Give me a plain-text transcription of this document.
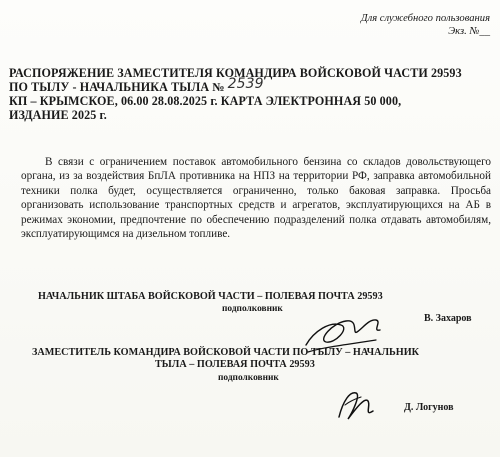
Для служебного пользования
Экз. №__
РАСПОРЯЖЕНИЕ ЗАМЕСТИТЕЛЯ КОМАНДИРА ВОЙСКОВОЙ ЧАСТИ 29593
ПО ТЫЛУ - НАЧАЛЬНИКА ТЫЛА № 2539
КП – КРЫМСКОЕ, 06.00 28.08.2025 г. КАРТА ЭЛЕКТРОННАЯ 50 000,
ИЗДАНИЕ 2025 г.
В связи с ограничением поставок автомобильного бензина со складов довольствующего органа, из за воздействия БпЛА противника на НПЗ на территории РФ, заправка автомобильной техники полка будет, осуществляется ограниченно, только баковая заправка. Просьба организовать использование транспортных средств и агрегатов, эксплуатирующихся на АБ в режимах экономии, предпочтение по обеспечению подразделений полка отдавать автомобилям, эксплуатирующимся на дизельном топливе.
НАЧАЛЬНИК ШТАБА ВОЙСКОВОЙ ЧАСТИ – ПОЛЕВАЯ ПОЧТА 29593
подполковник
В. Захаров
ЗАМЕСТИТЕЛЬ КОМАНДИРА ВОЙСКОВОЙ ЧАСТИ ПО ТЫЛУ – НАЧАЛЬНИК
ТЫЛА – ПОЛЕВАЯ ПОЧТА 29593
подполковник
Д. Логунов
